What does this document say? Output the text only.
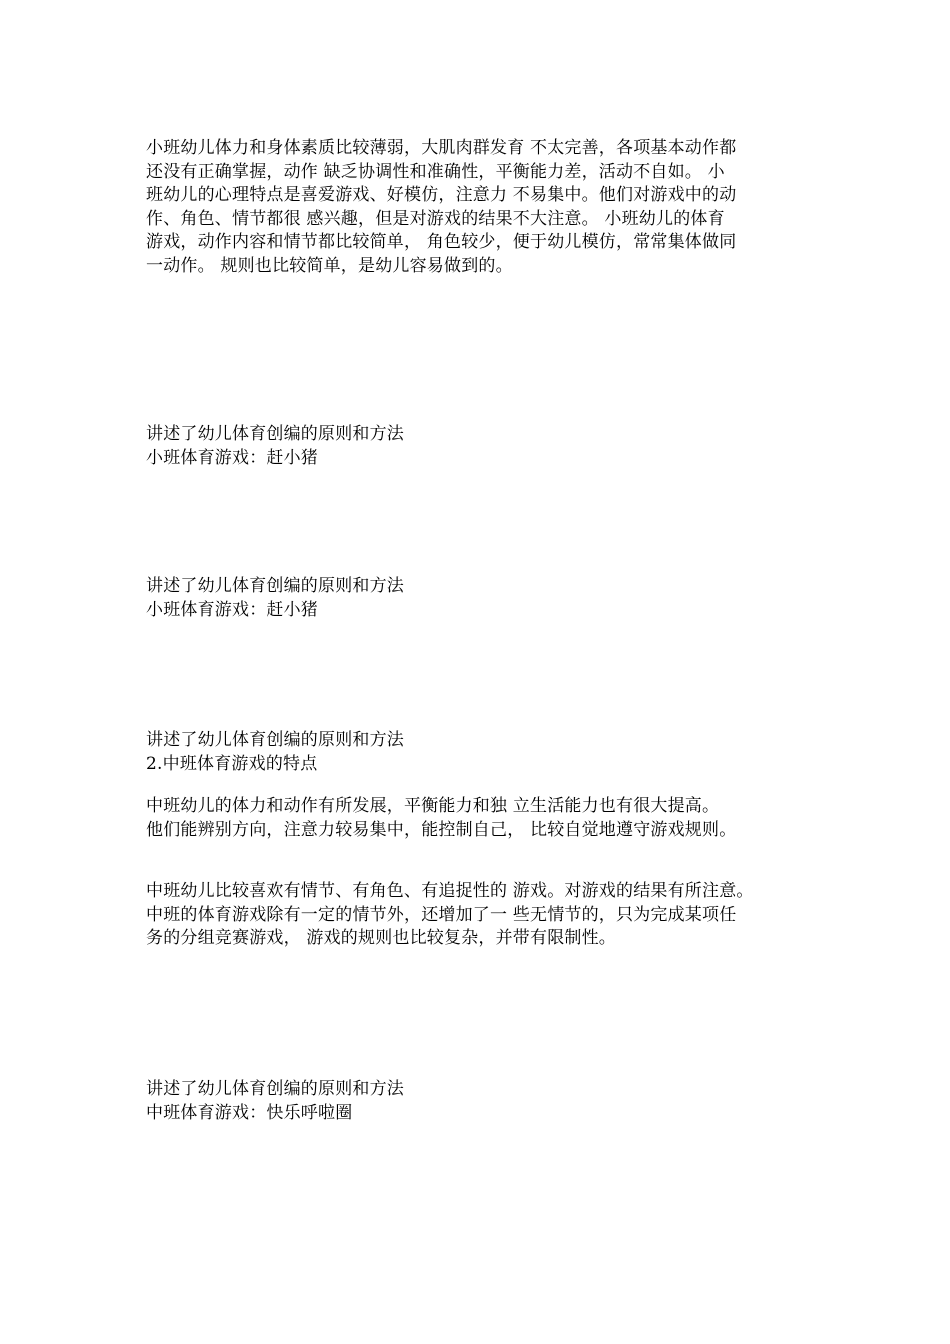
小班幼儿体力和身体素质比较薄弱，大肌肉群发育 不太完善，各项基本动作都
还没有正确掌握，动作 缺乏协调性和准确性，平衡能力差，活动不自如。 小
班幼儿的心理特点是喜爱游戏、好模仿，注意力 不易集中。他们对游戏中的动
作、角色、情节都很 感兴趣，但是对游戏的结果不大注意。 小班幼儿的体育
游戏，动作内容和情节都比较简单， 角色较少，便于幼儿模仿，常常集体做同
一动作。 规则也比较简单，是幼儿容易做到的。
讲述了幼儿体育创编的原则和方法
小班体育游戏：赶小猪
讲述了幼儿体育创编的原则和方法
小班体育游戏：赶小猪
讲述了幼儿体育创编的原则和方法
2.中班体育游戏的特点
中班幼儿的体力和动作有所发展，平衡能力和独 立生活能力也有很大提高。
他们能辨别方向，注意力较易集中，能控制自己， 比较自觉地遵守游戏规则。
中班幼儿比较喜欢有情节、有角色、有追捉性的 游戏。对游戏的结果有所注意。
中班的体育游戏除有一定的情节外，还增加了一 些无情节的，只为完成某项任
务的分组竞赛游戏， 游戏的规则也比较复杂，并带有限制性。
讲述了幼儿体育创编的原则和方法
中班体育游戏：快乐呼啦圈
